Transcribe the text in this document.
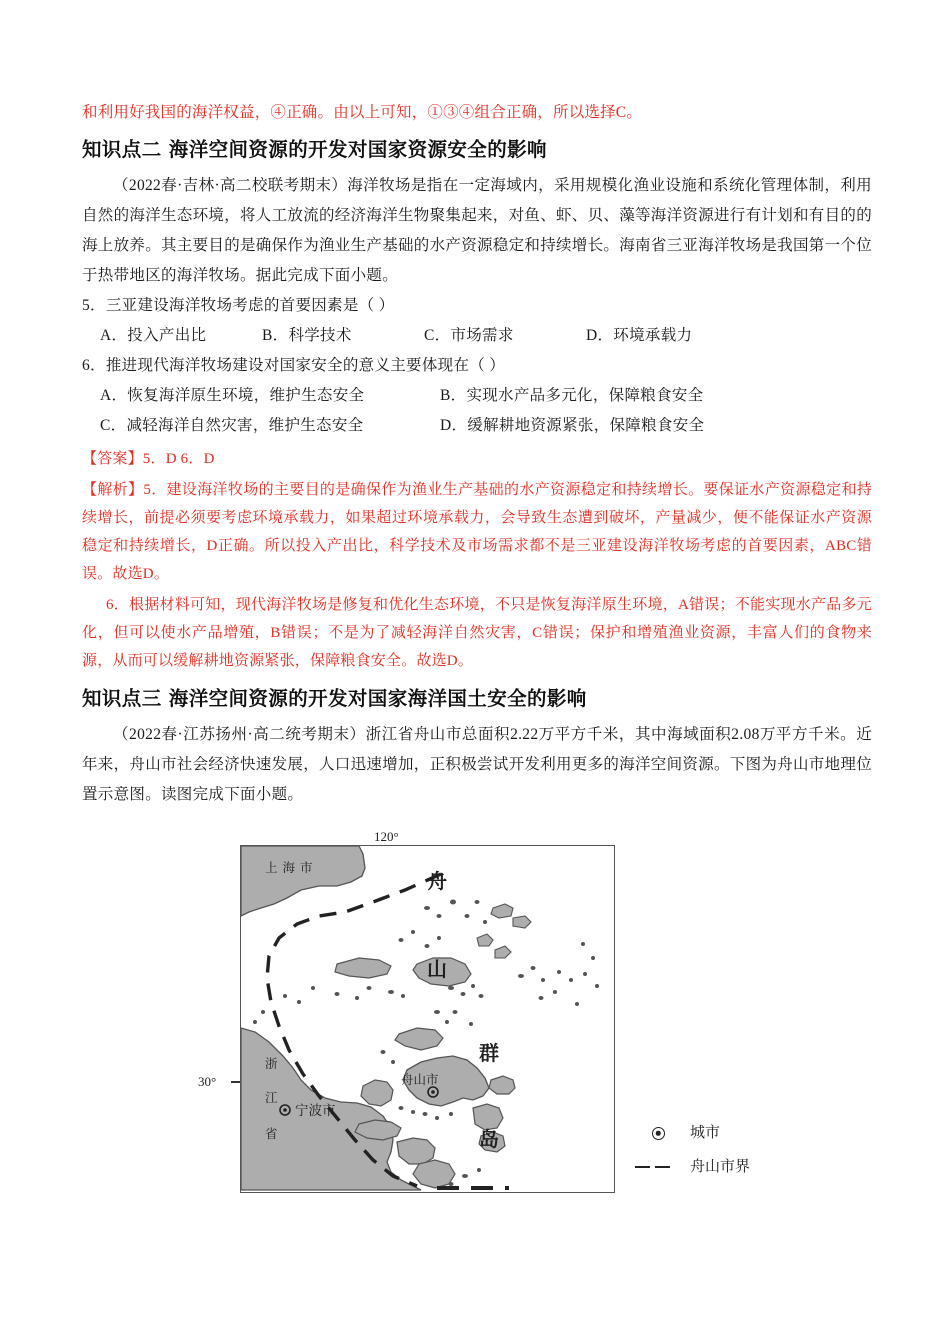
和利用好我国的海洋权益，④正确。由以上可知，①③④组合正确，所以选择C。
知识点二 海洋空间资源的开发对国家资源安全的影响

（2022春·吉林·高二校联考期末）海洋牧场是指在一定海域内，采用规模化渔业设施和系统化管理体制，利用自然的海洋生态环境，将人工放流的经济海洋生物聚集起来，对鱼、虾、贝、藻等海洋资源进行有计划和有目的的海上放养。其主要目的是确保作为渔业生产基础的水产资源稳定和持续增长。海南省三亚海洋牧场是我国第一个位于热带地区的海洋牧场。据此完成下面小题。

5．三亚建设海洋牧场考虑的首要因素是（ ）

A．投入产出比	B．科学技术	C．市场需求	D．环境承载力

6．推进现代海洋牧场建设对国家安全的意义主要体现在（ ）

A．恢复海洋原生环境，维护生态安全	B．实现水产品多元化，保障粮食安全
C．减轻海洋自然灾害，维护生态安全	D．缓解耕地资源紧张，保障粮食安全

【答案】5．D 6．D

【解析】5．建设海洋牧场的主要目的是确保作为渔业生产基础的水产资源稳定和持续增长。要保证水产资源稳定和持续增长，前提必须要考虑环境承载力，如果超过环境承载力，会导致生态遭到破坏，产量减少，便不能保证水产资源稳定和持续增长，D正确。所以投入产出比，科学技术及市场需求都不是三亚建设海洋牧场考虑的首要因素，ABC错误。故选D。

6．根据材料可知，现代海洋牧场是修复和优化生态环境，不只是恢复海洋原生环境，A错误；不能实现水产品多元化，但可以使水产品增殖，B错误；不是为了减轻海洋自然灾害，C错误；保护和增殖渔业资源，丰富人们的食物来源，从而可以缓解耕地资源紧张，保障粮食安全。故选D。

知识点三 海洋空间资源的开发对国家海洋国土安全的影响

（2022春·江苏扬州·高二统考期末）浙江省舟山市总面积2.22万平方千米，其中海域面积2.08万平方千米。近年来，舟山市社会经济快速发展，人口迅速增加，正积极尝试开发利用更多的海洋空间资源。下图为舟山市地理位置示意图。读图完成下面小题。

120°
30°
上海市
浙
江
省
宁波市
舟山市
舟
山
群
岛	城市
舟山市界
